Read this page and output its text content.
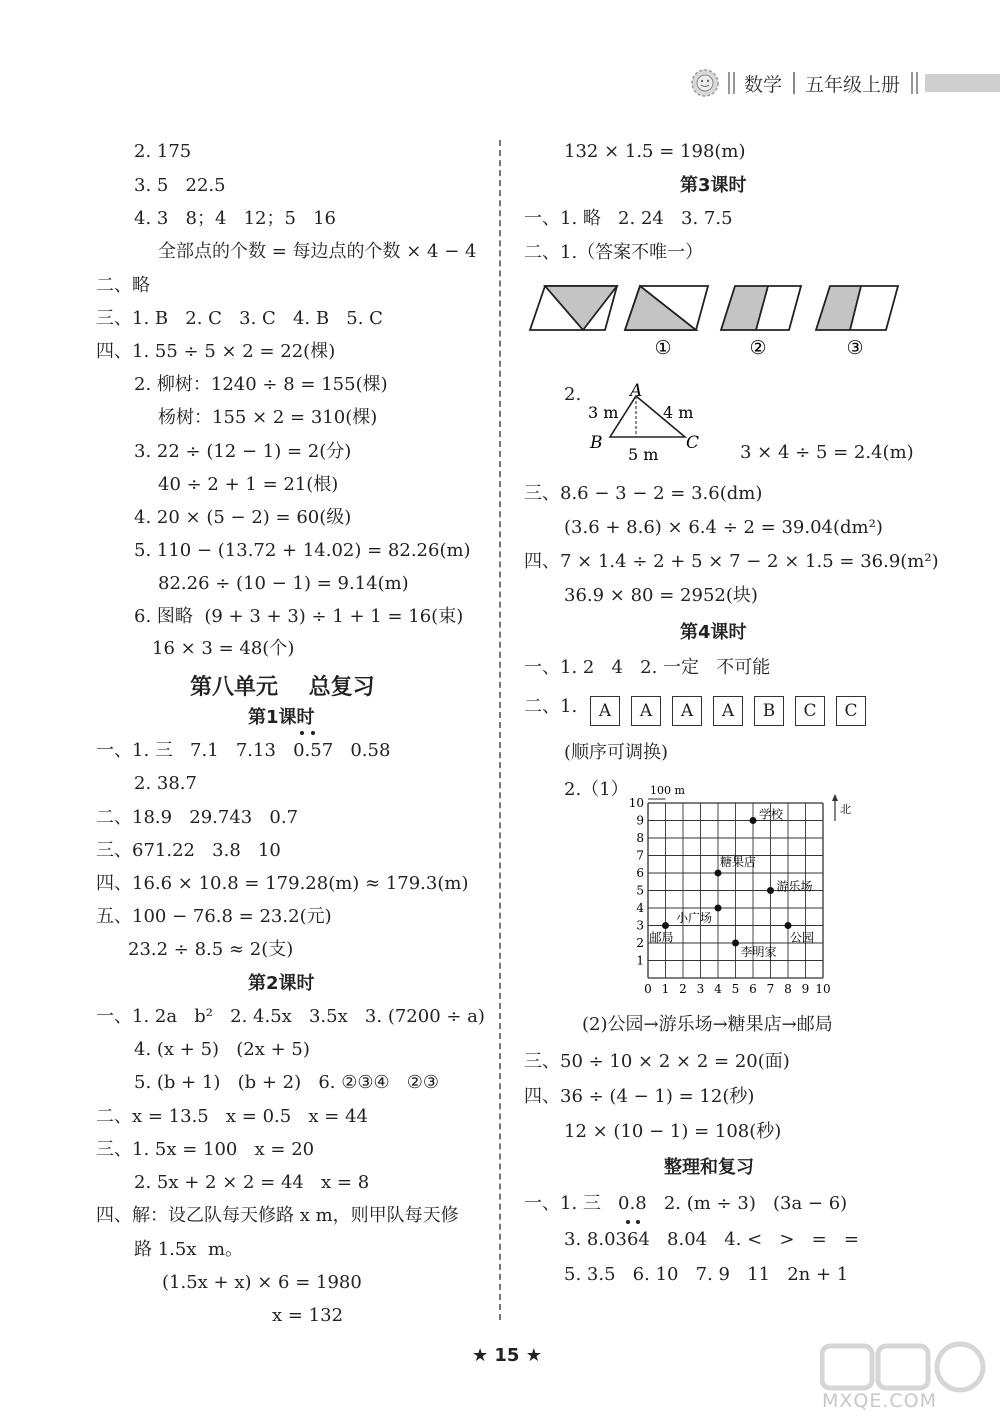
数学 五年级上册
2. 175
3. 5   22.5
4. 3   8；4   12；5   16
全部点的个数 = 每边点的个数 × 4 − 4
二、略
三、1. B   2. C   3. C   4. B   5. C
四、1. 55 ÷ 5 × 2 = 22(棵)
2. 柳树：1240 ÷ 8 = 155(棵)
杨树：155 × 2 = 310(棵)
3. 22 ÷ (12 − 1) = 2(分)
40 ÷ 2 + 1 = 21(根)
4. 20 × (5 − 2) = 60(级)
5. 110 − (13.72 + 14.02) = 82.26(m)
82.26 ÷ (10 − 1) = 9.14(m)
6. 图略  (9 + 3 + 3) ÷ 1 + 1 = 16(束)
16 × 3 = 48(个)
第八单元    总复习
第1课时
一、1. 三   7.1   7.13   0.57   0.58
2. 38.7
二、18.9   29.743   0.7
三、671.22   3.8   10
四、16.6 × 10.8 = 179.28(m) ≈ 179.3(m)
五、100 − 76.8 = 23.2(元)
23.2 ÷ 8.5 ≈ 2(支)
第2课时
一、1. 2a   b²   2. 4.5x   3.5x   3. (7200 ÷ a)
4. (x + 5)   (2x + 5)
5. (b + 1)   (b + 2)   6. ②③④   ②③
二、x = 13.5   x = 0.5   x = 44
三、1. 5x = 100   x = 20
2. 5x + 2 × 2 = 44   x = 8
四、解：设乙队每天修路 x m，则甲队每天修
路 1.5x  m。
(1.5x + x) × 6 = 1980
x = 132
132 × 1.5 = 198(m)
第3课时
一、1. 略   2. 24   3. 7.5
二、1.（答案不唯一）
①	②	③
2.	A
B	C
3 m	4 m
5 m	3 × 4 ÷ 5 = 2.4(m)
三、8.6 − 3 − 2 = 3.6(dm)
(3.6 + 8.6) × 6.4 ÷ 2 = 39.04(dm²)
四、7 × 1.4 ÷ 2 + 5 × 7 − 2 × 1.5 = 36.9(m²)
36.9 × 80 = 2952(块)
第4课时
一、1. 2   4   2. 一定   不可能
二、1.	A A A A B C C
(顺序可调换)
2.（1）
1
2
3
4
5
6
7
8
9
10
0 1 2 3 4 5 6 7 8 9 10
100 m
北
学校
糖果店
游乐场
小广场
邮局	公园
李明家
(2)公园→游乐场→糖果店→邮局
三、50 ÷ 10 × 2 × 2 = 20(面)
四、36 ÷ (4 − 1) = 12(秒)
12 × (10 − 1) = 108(秒)
整理和复习
一、1. 三   0.8   2. (m ÷ 3)   (3a − 6)
3. 8.0364   8.04   4. <   >   =   =
5. 3.5   6. 10   7. 9   11   2n + 1
★ 15 ★
MXQE.COM
